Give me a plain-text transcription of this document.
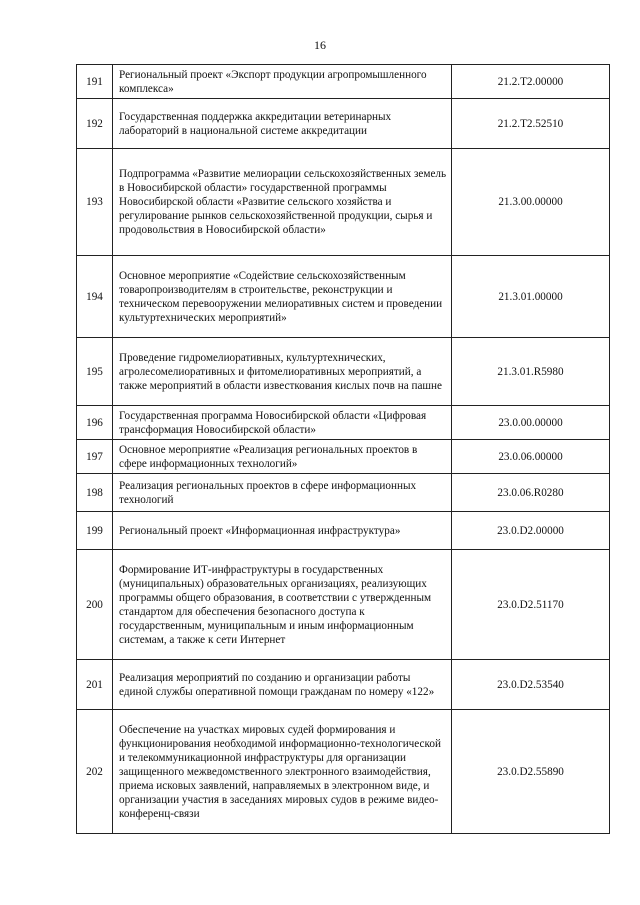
16
191	Региональный проект «Экспорт продукции агропромышленного комплекса»	21.2.Т2.00000
192	Государственная поддержка аккредитации ветеринарных лабораторий в национальной системе аккредитации	21.2.Т2.52510
193	Подпрограмма «Развитие мелиорации сельскохозяйственных земель в Новосибирской области» государственной программы Новосибирской области «Развитие сельского хозяйства и регулирование рынков сельскохозяйственной продукции, сырья и продовольствия в Новосибирской области»	21.3.00.00000
194	Основное мероприятие «Содействие сельскохозяйственным товаропроизводителям в строительстве, реконструкции и техническом перевооружении мелиоративных систем и проведении культуртехнических мероприятий»	21.3.01.00000
195	Проведение гидромелиоративных, культуртехнических, агролесомелиоративных и фитомелиоративных мероприятий, а также мероприятий в области известкования кислых почв на пашне	21.3.01.R5980
196	Государственная программа Новосибирской области «Цифровая трансформация Новосибирской области»	23.0.00.00000
197	Основное мероприятие «Реализация региональных проектов в сфере информационных технологий»	23.0.06.00000
198	Реализация региональных проектов в сфере информационных технологий	23.0.06.R0280
199	Региональный проект «Информационная инфраструктура»	23.0.D2.00000
200	Формирование ИТ-инфраструктуры в государственных (муниципальных) образовательных организациях, реализующих программы общего образования, в соответствии с утвержденным стандартом для обеспечения безопасного доступа к государственным, муниципальным и иным информационным системам, а также к сети Интернет	23.0.D2.51170
201	Реализация мероприятий по созданию и организации работы единой службы оперативной помощи гражданам по номеру «122»	23.0.D2.53540
202	Обеспечение на участках мировых судей формирования и функционирования необходимой информационно-технологической и телекоммуникационной инфраструктуры для организации защищенного межведомственного электронного взаимодействия, приема исковых заявлений, направляемых в электронном виде, и организации участия в заседаниях мировых судов в режиме видео-конференц-связи	23.0.D2.55890
